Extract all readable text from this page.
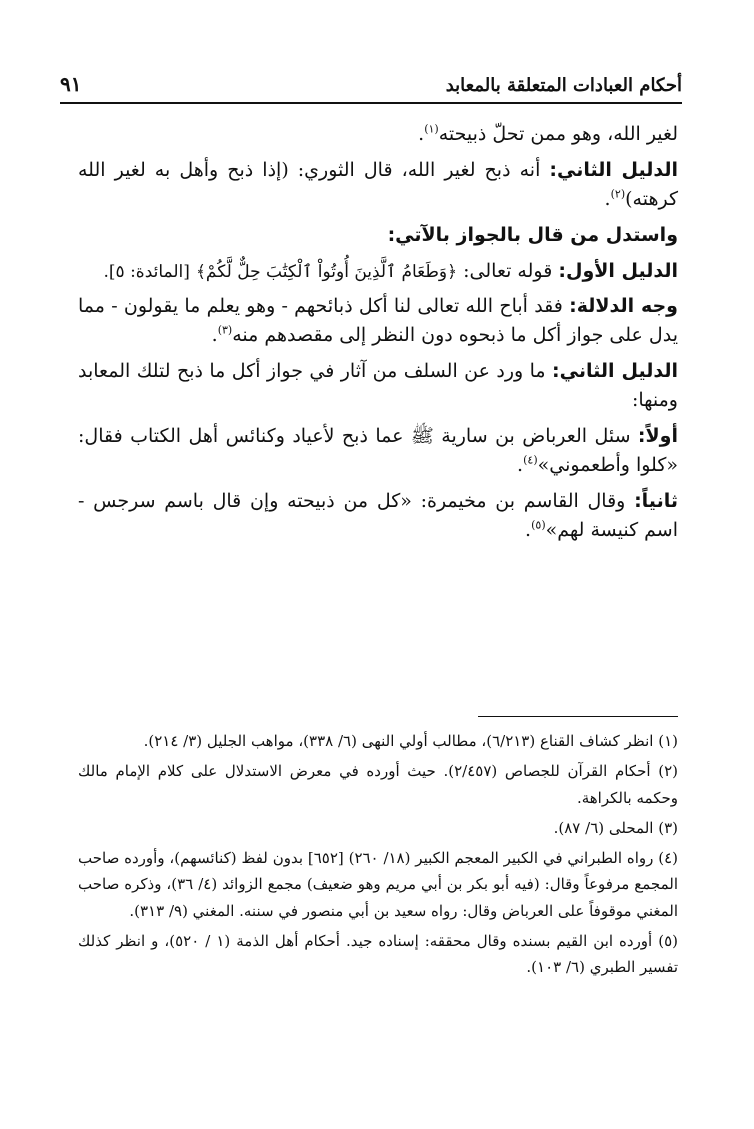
٩١	أحكام العبادات المتعلقة بالمعابد

لغير الله، وهو ممن تحلّ ذبيحته$^{(١)}$.

الدليل الثاني: أنه ذبح لغير الله، قال الثوري: (إذا ذبح وأهل به لغير الله كرهته)$^{(٢)}$.

واستدل من قال بالجواز بالآتي:

الدليل الأول: قوله تعالى: ﴿وَطَعَامُ ٱلَّذِينَ أُوتُواْ ٱلْكِتَٰبَ حِلٌّ لَّكُمْ﴾ [المائدة: ٥].

وجه الدلالة: فقد أباح الله تعالى لنا أكل ذبائحهم - وهو يعلم ما يقولون - مما يدل على جواز أكل ما ذبحوه دون النظر إلى مقصدهم منه$^{(٣)}$.

الدليل الثاني: ما ورد عن السلف من آثار في جواز أكل ما ذبح لتلك المعابد ومنها:

أولاً: سئل العرباض بن سارية ﷺ عما ذبح لأعياد وكنائس أهل الكتاب فقال: «كلوا وأطعموني»$^{(٤)}$.

ثانياً: وقال القاسم بن مخيمرة: «كل من ذبيحته وإن قال باسم سرجس - اسم كنيسة لهم»$^{(٥)}$.

(١) انظر كشاف القناع (٦/٢١٣)، مطالب أولي النهى (٦/ ٣٣٨)، مواهب الجليل (٣/ ٢١٤).

(٢) أحكام القرآن للجصاص (٢/٤٥٧). حيث أورده في معرض الاستدلال على كلام الإمام مالك وحكمه بالكراهة.

(٣) المحلى (٦/ ٨٧).

(٤) رواه الطبراني في الكبير المعجم الكبير (١٨/ ٢٦٠) [٦٥٢] بدون لفظ (كنائسهم)، وأورده صاحب المجمع مرفوعاً وقال: (فيه أبو بكر بن أبي مريم وهو ضعيف) مجمع الزوائد (٤/ ٣٦)، وذكره صاحب المغني موقوفاً على العرباض وقال: رواه سعيد بن أبي منصور في سننه. المغني (٩/ ٣١٣).

(٥) أورده ابن القيم بسنده وقال محققه: إسناده جيد. أحكام أهل الذمة (١ / ٥٢٠)، و انظر كذلك تفسير الطبري (٦/ ١٠٣).
